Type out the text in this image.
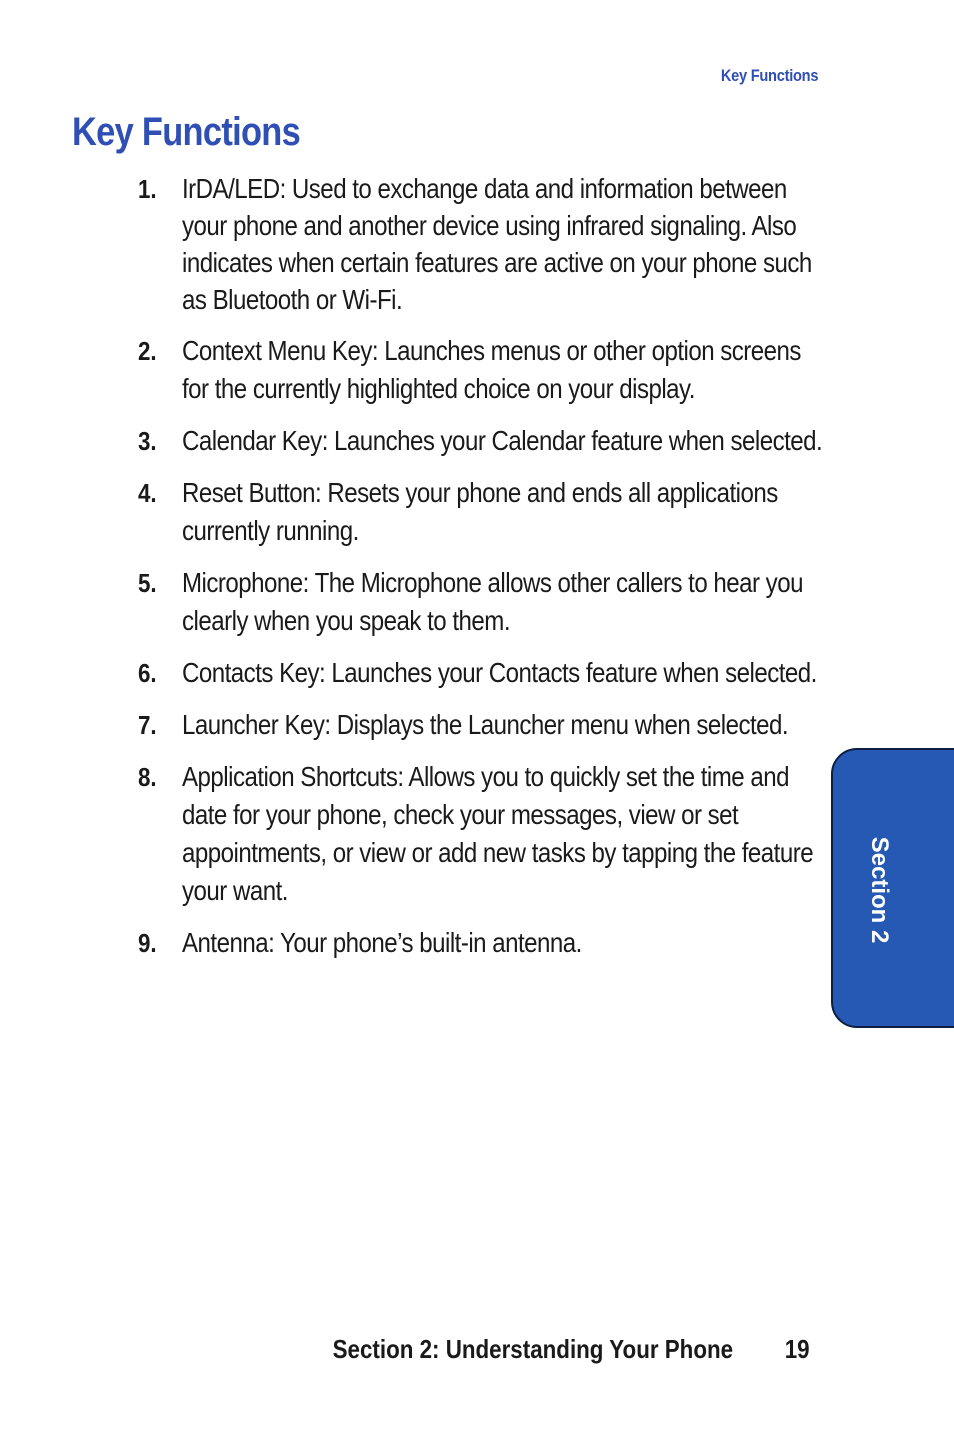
Key Functions
Key Functions
1. IrDA/LED: Used to exchange data and information between your phone and another device using infrared signaling. Also indicates when certain features are active on your phone such as Bluetooth or Wi-Fi.
2. Context Menu Key: Launches menus or other option screens for the currently highlighted choice on your display.
3. Calendar Key: Launches your Calendar feature when selected.
4. Reset Button: Resets your phone and ends all applications currently running.
5. Microphone: The Microphone allows other callers to hear you clearly when you speak to them.
6. Contacts Key: Launches your Contacts feature when selected.
7. Launcher Key: Displays the Launcher menu when selected.
8. Application Shortcuts: Allows you to quickly set the time and date for your phone, check your messages, view or set appointments, or view or add new tasks by tapping the feature your want.
9. Antenna: Your phone’s built-in antenna.	Section 2
Section 2: Understanding Your Phone 19
